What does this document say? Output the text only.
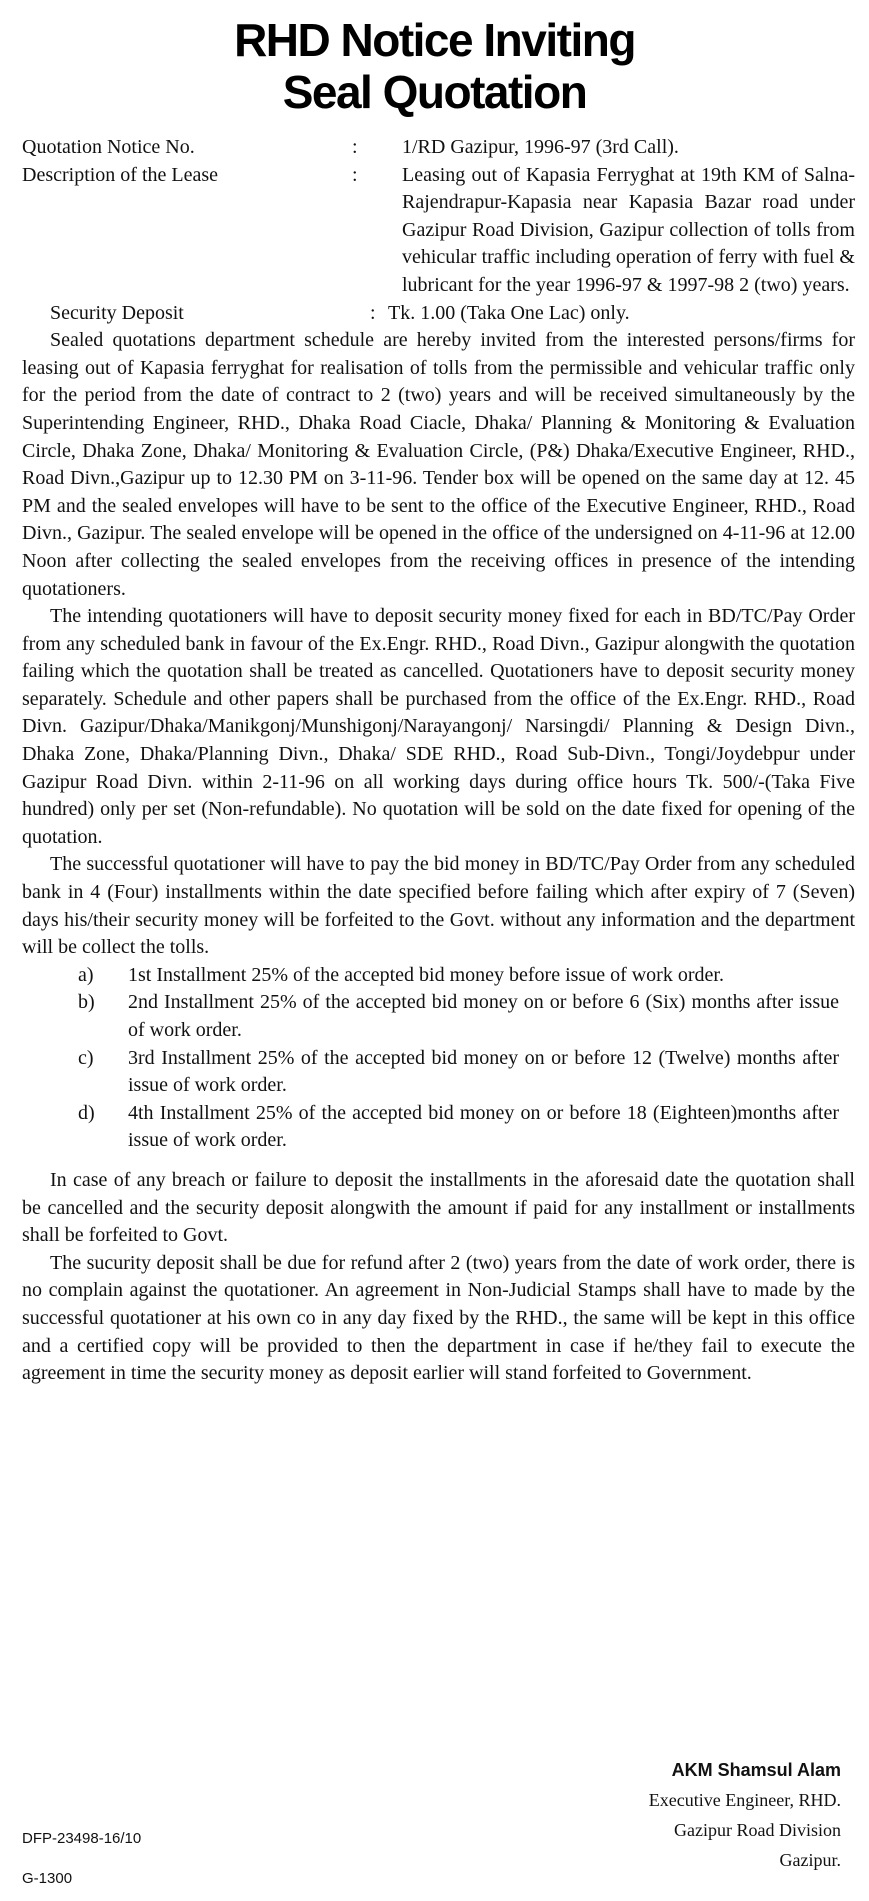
RHD Notice Inviting
Seal Quotation
Quotation Notice No.	:	1/RD Gazipur, 1996-97 (3rd Call).
Description of the Lease	:	Leasing out of Kapasia Ferryghat at 19th KM of Salna-Rajendrapur-Kapasia near Kapasia Bazar road under Gazipur Road Division, Gazipur collection of tolls from vehicular traffic including operation of ferry with fuel & lubricant for the year 1996-97 & 1997-98 2 (two) years.
Security Deposit	: Tk. 1.00 (Taka One Lac) only.

Sealed quotations department schedule are hereby invited from the interested persons/firms for leasing out of Kapasia ferryghat for realisation of tolls from the permissible and vehicular traffic only for the period from the date of contract to 2 (two) years and will be received simultaneously by the Superintending Engineer, RHD., Dhaka Road Ciacle, Dhaka/ Planning & Monitoring & Evaluation Circle, Dhaka Zone, Dhaka/ Monitoring & Evaluation Circle, (P&) Dhaka/Executive Engineer, RHD., Road Divn.,Gazipur up to 12.30 PM on 3-11-96. Tender box will be opened on the same day at 12. 45 PM and the sealed envelopes will have to be sent to the office of the Executive Engineer, RHD., Road Divn., Gazipur. The sealed envelope will be opened in the office of the undersigned on 4-11-96 at 12.00 Noon after collecting the sealed envelopes from the receiving offices in presence of the intending quotationers.

The intending quotationers will have to deposit security money fixed for each in BD/TC/Pay Order from any scheduled bank in favour of the Ex.Engr. RHD., Road Divn., Gazipur alongwith the quotation failing which the quotation shall be treated as cancelled. Quotationers have to deposit security money separately. Schedule and other papers shall be purchased from the office of the Ex.Engr. RHD., Road Divn. Gazipur/Dhaka/Manikgonj/Munshigonj/Narayangonj/ Narsingdi/ Planning & Design Divn., Dhaka Zone, Dhaka/Planning Divn., Dhaka/ SDE RHD., Road Sub-Divn., Tongi/Joydebpur under Gazipur Road Divn. within 2-11-96 on all working days during office hours Tk. 500/-(Taka Five hundred) only per set (Non-refundable). No quotation will be sold on the date fixed for opening of the quotation.

The successful quotationer will have to pay the bid money in BD/TC/Pay Order from any scheduled bank in 4 (Four) installments within the date specified before failing which after expiry of 7 (Seven) days his/their security money will be forfeited to the Govt. without any information and the department will be collect the tolls.

a)	1st Installment 25% of the accepted bid money before issue of work order.
b)	2nd Installment 25% of the accepted bid money on or before 6 (Six) months after issue of work order.
c)	3rd Installment 25% of the accepted bid money on or before 12 (Twelve) months after issue of work order.
d)	4th Installment 25% of the accepted bid money on or before 18 (Eighteen)months after issue of work order.

In case of any breach or failure to deposit the installments in the aforesaid date the quotation shall be cancelled and the security deposit alongwith the amount if paid for any installment or installments shall be forfeited to Govt.

The sucurity deposit shall be due for refund after 2 (two) years from the date of work order, there is no complain against the quotationer. An agreement in Non-Judicial Stamps shall have to made by the successful quotationer at his own co in any day fixed by the RHD., the same will be kept in this office and a certified copy will be provided to then the department in case if he/they fail to execute the agreement in time the security money as deposit earlier will stand forfeited to Government.

AKM Shamsul Alam
Executive Engineer, RHD.
Gazipur Road Division
Gazipur.
DFP-23498-16/10
G-1300
